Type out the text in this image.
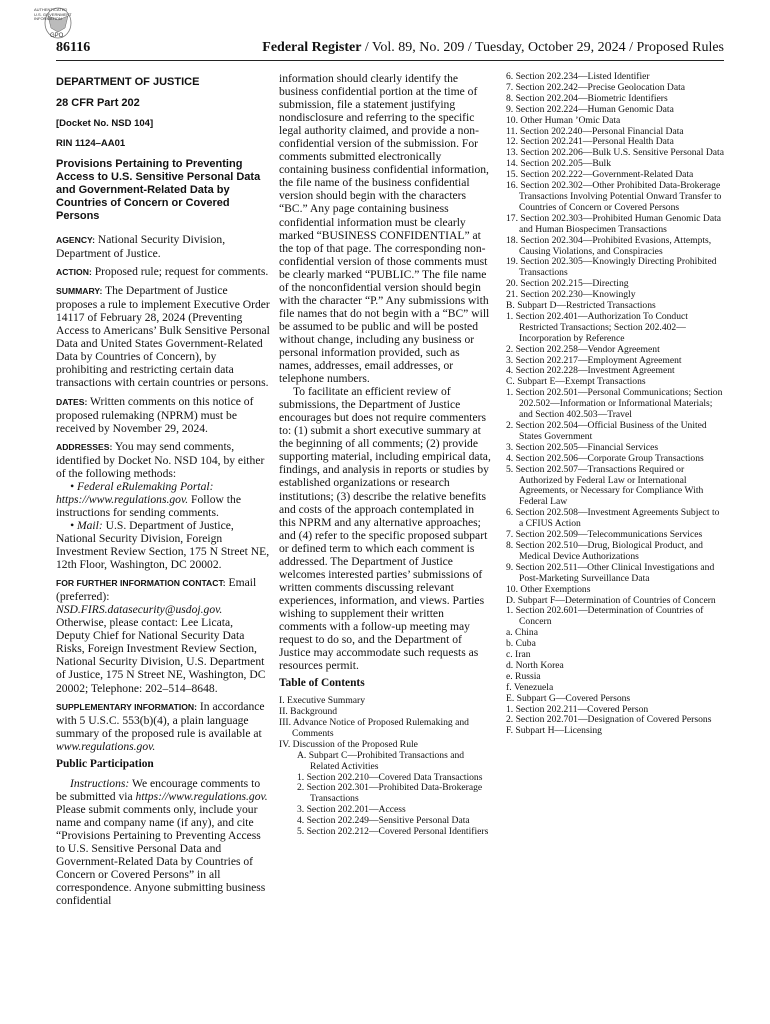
AUTHENTICATED
U.S. GOVERNMENT
INFORMATION
GPO
86116	Federal Register / Vol. 89, No. 209 / Tuesday, October 29, 2024 / Proposed Rules
DEPARTMENT OF JUSTICE
28 CFR Part 202
[Docket No. NSD 104]
RIN 1124–AA01
Provisions Pertaining to Preventing Access to U.S. Sensitive Personal Data and Government-Related Data by Countries of Concern or Covered Persons

AGENCY: National Security Division, Department of Justice.

ACTION: Proposed rule; request for comments.

SUMMARY: The Department of Justice proposes a rule to implement Executive Order 14117 of February 28, 2024 (Preventing Access to Americans’ Bulk Sensitive Personal Data and United States Government-Related Data by Countries of Concern), by prohibiting and restricting certain data transactions with certain countries or persons.

DATES: Written comments on this notice of proposed rulemaking (NPRM) must be received by November 29, 2024.

ADDRESSES: You may send comments, identified by Docket No. NSD 104, by either of the following methods:

• Federal eRulemaking Portal: https://www.regulations.gov. Follow the instructions for sending comments.

• Mail: U.S. Department of Justice, National Security Division, Foreign Investment Review Section, 175 N Street NE, 12th Floor, Washington, DC 20002.

FOR FURTHER INFORMATION CONTACT: Email (preferred): NSD.FIRS.datasecurity@usdoj.gov. Otherwise, please contact: Lee Licata, Deputy Chief for National Security Data Risks, Foreign Investment Review Section, National Security Division, U.S. Department of Justice, 175 N Street NE, Washington, DC 20002; Telephone: 202–514–8648.

SUPPLEMENTARY INFORMATION: In accordance with 5 U.S.C. 553(b)(4), a plain language summary of the proposed rule is available at www.regulations.gov.

Public Participation

Instructions: We encourage comments to be submitted via https://www.regulations.gov. Please submit comments only, include your name and company name (if any), and cite “Provisions Pertaining to Preventing Access to U.S. Sensitive Personal Data and Government-Related Data by Countries of Concern or Covered Persons” in all correspondence. Anyone submitting business confidential

information should clearly identify the business confidential portion at the time of submission, file a statement justifying nondisclosure and referring to the specific legal authority claimed, and provide a non-confidential version of the submission. For comments submitted electronically containing business confidential information, the file name of the business confidential version should begin with the characters “BC.” Any page containing business confidential information must be clearly marked “BUSINESS CONFIDENTIAL” at the top of that page. The corresponding non-confidential version of those comments must be clearly marked “PUBLIC.” The file name of the nonconfidential version should begin with the character “P.” Any submissions with file names that do not begin with a “BC” will be assumed to be public and will be posted without change, including any business or personal information provided, such as names, addresses, email addresses, or telephone numbers.

To facilitate an efficient review of submissions, the Department of Justice encourages but does not require commenters to: (1) submit a short executive summary at the beginning of all comments; (2) provide supporting material, including empirical data, findings, and analysis in reports or studies by established organizations or research institutions; (3) describe the relative benefits and costs of the approach contemplated in this NPRM and any alternative approaches; and (4) refer to the specific proposed subpart or defined term to which each comment is addressed. The Department of Justice welcomes interested parties’ submissions of written comments discussing relevant experiences, information, and views. Parties wishing to supplement their written comments with a follow-up meeting may request to do so, and the Department of Justice may accommodate such requests as resources permit.

Table of Contents

I. Executive Summary

II. Background

III. Advance Notice of Proposed Rulemaking and Comments

IV. Discussion of the Proposed Rule

A. Subpart C—Prohibited Transactions and Related Activities

1. Section 202.210—Covered Data Transactions

2. Section 202.301—Prohibited Data-Brokerage Transactions

3. Section 202.201—Access

4. Section 202.249—Sensitive Personal Data

5. Section 202.212—Covered Personal Identifiers

6. Section 202.234—Listed Identifier

7. Section 202.242—Precise Geolocation Data

8. Section 202.204—Biometric Identifiers

9. Section 202.224—Human Genomic Data

10. Other Human ’Omic Data

11. Section 202.240—Personal Financial Data

12. Section 202.241—Personal Health Data

13. Section 202.206—Bulk U.S. Sensitive Personal Data

14. Section 202.205—Bulk

15. Section 202.222—Government-Related Data

16. Section 202.302—Other Prohibited Data-Brokerage Transactions Involving Potential Onward Transfer to Countries of Concern or Covered Persons

17. Section 202.303—Prohibited Human Genomic Data and Human Biospecimen Transactions

18. Section 202.304—Prohibited Evasions, Attempts, Causing Violations, and Conspiracies

19. Section 202.305—Knowingly Directing Prohibited Transactions

20. Section 202.215—Directing

21. Section 202.230—Knowingly

B. Subpart D—Restricted Transactions

1. Section 202.401—Authorization To Conduct Restricted Transactions; Section 202.402—Incorporation by Reference

2. Section 202.258—Vendor Agreement

3. Section 202.217—Employment Agreement

4. Section 202.228—Investment Agreement

C. Subpart E—Exempt Transactions

1. Section 202.501—Personal Communications; Section 202.502—Information or Informational Materials; and Section 402.503—Travel

2. Section 202.504—Official Business of the United States Government

3. Section 202.505—Financial Services

4. Section 202.506—Corporate Group Transactions

5. Section 202.507—Transactions Required or Authorized by Federal Law or International Agreements, or Necessary for Compliance With Federal Law

6. Section 202.508—Investment Agreements Subject to a CFIUS Action

7. Section 202.509—Telecommunications Services

8. Section 202.510—Drug, Biological Product, and Medical Device Authorizations

9. Section 202.511—Other Clinical Investigations and Post-Marketing Surveillance Data

10. Other Exemptions

D. Subpart F—Determination of Countries of Concern

1. Section 202.601—Determination of Countries of Concern

a. China

b. Cuba

c. Iran

d. North Korea

e. Russia

f. Venezuela

E. Subpart G—Covered Persons

1. Section 202.211—Covered Person

2. Section 202.701—Designation of Covered Persons

F. Subpart H—Licensing
